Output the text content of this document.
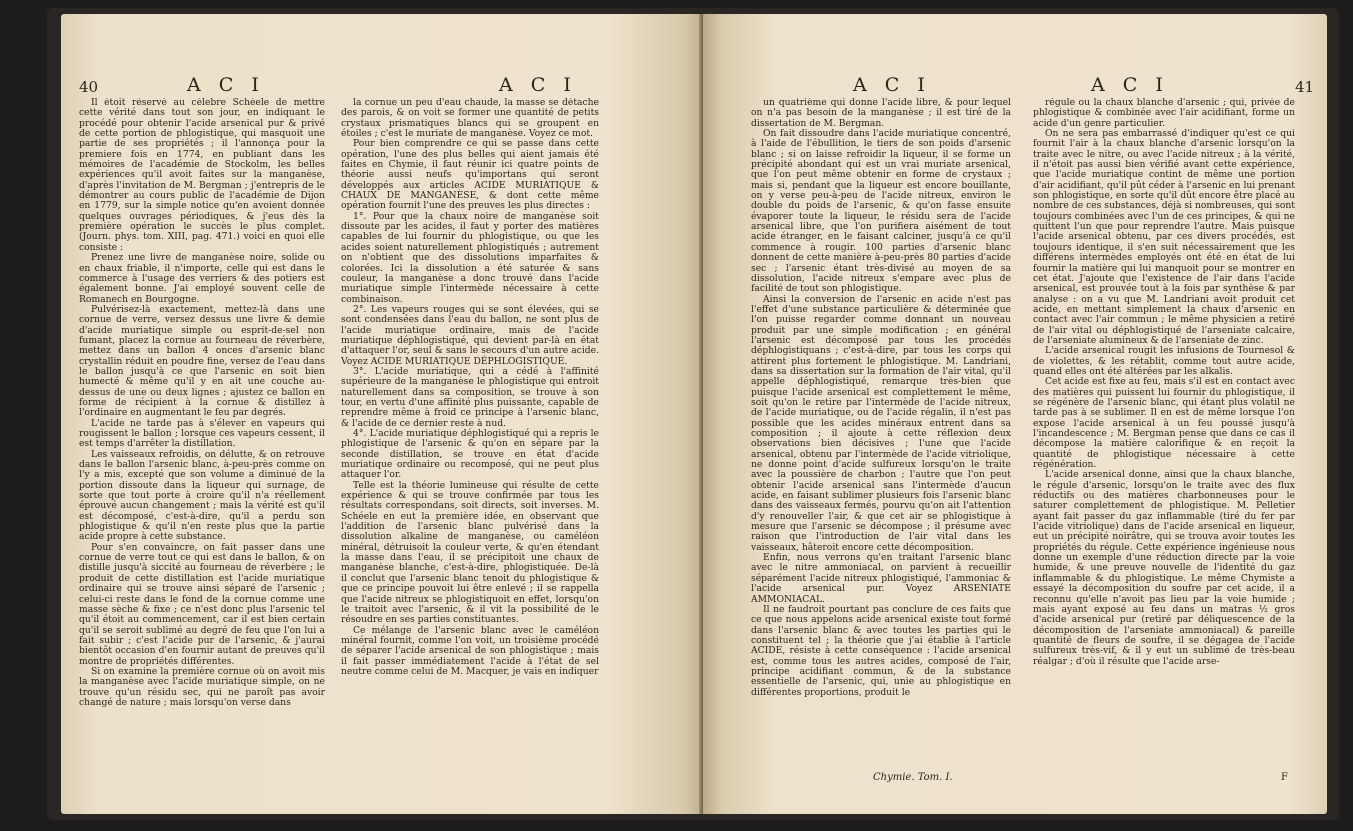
40	A C I	A C I

Il étoit réservé au célebre Schéele de mettre cette vérité dans tout son jour, en indiquant le procédé pour obtenir l'acide arsenical pur & privé de cette portion de phlogistique, qui masquoit une partie de ses propriétés ; il l'annonça pour la premiere fois en 1774, en publiant dans les mémoires de l'académie de Stockolm, les belles expériences qu'il avoit faites sur la manganèse, d'après l'invitation de M. Bergman ; j'entrepris de le démontrer au cours public de l'académie de Dijon en 1779, sur la simple notice qu'en avoient donnée quelques ouvrages périodiques, & j'eus dès la première opération le succès le plus complet. (Journ. phys. tom. XIII, pag. 471.) voici en quoi elle consiste :

Prenez une livre de manganèse noire, solide ou en chaux friable, il n'importe, celle qui est dans le commerce à l'usage des verriers & des potiers est également bonne. J'ai employé souvent celle de Romanech en Bourgogne.

Pulvérisez-là exactement, mettez-là dans une cornue de verre, versez dessus une livre & demie d'acide muriatique simple ou esprit-de-sel non fumant, placez la cornue au fourneau de réverbère, mettez dans un ballon 4 onces d'arsenic blanc crystallin réduit en poudre fine, versez de l'eau dans le ballon jusqu'à ce que l'arsenic en soit bien humecté & même qu'il y en ait une couche au-dessus de une ou deux lignes ; ajustez ce ballon en forme de récipient à la cornue & distillez à l'ordinaire en augmentant le feu par degrés.

L'acide ne tarde pas à s'élever en vapeurs qui rougissent le ballon ; lorsque ces vapeurs cessent, il est temps d'arrêter la distillation.

Les vaisseaux refroidis, on délutte, & on retrouve dans le ballon l'arsenic blanc, à-peu-près comme on l'y a mis, excepté que son volume a diminué de la portion dissoute dans la liqueur qui surnage, de sorte que tout porte à croire qu'il n'a réellement éprouvé aucun changement ; mais la vérité est qu'il est décomposé, c'est-à-dire, qu'il a perdu son phlogistique & qu'il n'en reste plus que la partie acide propre à cette substance.

Pour s'en convaincre, on fait passer dans une cornue de verre tout ce qui est dans le ballon, & on distille jusqu'à siccité au fourneau de réverbère ; le produit de cette distillation est l'acide muriatique ordinaire qui se trouve ainsi séparé de l'arsenic ; celui-ci reste dans le fond de la cornue comme une masse sèche & fixe ; ce n'est donc plus l'arsenic tel qu'il étoit au commencement, car il est bien certain qu'il se seroit sublimé au degré de feu que l'on lui a fait subir ; c'est l'acide pur de l'arsenic, & j'aurai bientôt occasion d'en fournir autant de preuves qu'il montre de propriétés différentes.

Si on examine la première cornue où on avoit mis la manganèse avec l'acide muriatique simple, on ne trouve qu'un résidu sec, qui ne paroît pas avoir changé de nature ; mais lorsqu'on verse dans

la cornue un peu d'eau chaude, la masse se détache des parois, & on voit se former une quantité de petits crystaux prismatiques blancs qui se groupent en étoiles ; c'est le muriate de manganèse. Voyez ce mot.

Pour bien comprendre ce qui se passe dans cette opération, l'une des plus belles qui aient jamais été faites en Chymie, il faut réunir ici quatre points de théorie aussi neufs qu'importans qui seront développés aux articles ACIDE MURIATIQUE & CHAUX DE MANGANÈSE, & dont cette même opération fournit l'une des preuves les plus directes :

1°. Pour que la chaux noire de manganèse soit dissoute par les acides, il faut y porter des matières capables de lui fournir du phlogistique, ou que les acides soient naturellement phlogistiqués ; autrement on n'obtient que des dissolutions imparfaites & colorées. Ici la dissolution a été saturée & sans couleur, la manganèse a donc trouvé dans l'acide muriatique simple l'intermède nécessaire à cette combinaison.

2°. Les vapeurs rouges qui se sont élevées, qui se sont condensées dans l'eau du ballon, ne sont plus de l'acide muriatique ordinaire, mais de l'acide muriatique déphlogistiqué, qui devient par-là en état d'attaquer l'or, seul & sans le secours d'un autre acide. Voyez ACIDE MURIATIQUE DÉPHLOGISTIQUÉ.

3°. L'acide muriatique, qui a cédé à l'affinité supérieure de la manganèse le phlogistique qui entroit naturellement dans sa composition, se trouve à son tour, en vertu d'une affinité plus puissante, capable de reprendre même à froid ce principe à l'arsenic blanc, & l'acide de ce dernier reste à nud.

4°. L'acide muriatique déphlogistiqué qui a repris le phlogistique de l'arsenic & qu'on en sépare par la seconde distillation, se trouve en état d'acide muriatique ordinaire ou recomposé, qui ne peut plus attaquer l'or.

Telle est la théorie lumineuse qui résulte de cette expérience & qui se trouve confirmée par tous les résultats correspondans, soit directs, soit inverses. M. Schéele en eut la première idée, en observant que l'addition de l'arsenic blanc pulvérisé dans la dissolution alkaline de manganèse, ou caméléon minéral, détruisoit la couleur verte, & qu'en étendant la masse dans l'eau, il se précipitoit une chaux de manganèse blanche, c'est-à-dire, phlogistiquée. De-là il conclut que l'arsenic blanc tenoit du phlogistique & que ce principe pouvoit lui être enlevé ; il se rappella que l'acide nitreux se phlogistiquoit en effet, lorsqu'on le traitoit avec l'arsenic, & il vit la possibilité de le résoudre en ses parties constituantes.

Ce mélange de l'arsenic blanc avec le caméléon minéral fournit, comme l'on voit, un troisième procédé de séparer l'acide arsenical de son phlogistique ; mais il fait passer immédiatement l'acide à l'état de sel neutre comme celui de M. Macquer, je vais en indiquer

A C I	A C I	41

un quatrième qui donne l'acide libre, & pour lequel on n'a pas besoin de la manganèse ; il est tiré de la dissertation de M. Bergman.

On fait dissoudre dans l'acide muriatique concentré, à l'aide de l'ébullition, le tiers de son poids d'arsenic blanc ; si on laisse refroidir la liqueur, il se forme un précipité abondant qui est un vrai muriate arsenical, que l'on peut même obtenir en forme de crystaux ; mais si, pendant que la liqueur est encore bouillante, on y verse peu-à-peu de l'acide nitreux, environ le double du poids de l'arsenic, & qu'on fasse ensuite évaporer toute la liqueur, le résidu sera de l'acide arsenical libre, que l'on purifiera aisément de tout acide étranger, en le faisant calciner, jusqu'à ce qu'il commence à rougir. 100 parties d'arsenic blanc donnent de cette manière à-peu-près 80 parties d'acide sec ; l'arsenic étant très-divisé au moyen de sa dissolution, l'acide nitreux s'empare avec plus de facilité de tout son phlogistique.

Ainsi la conversion de l'arsenic en acide n'est pas l'effet d'une substance particulière & déterminée que l'on puisse regarder comme donnant un nouveau produit par une simple modification ; en général l'arsenic est décomposé par tous les procédés déphlogistiquans ; c'est-à-dire, par tous les corps qui attirent plus fortement le phlogistique. M. Landriani, dans sa dissertation sur la formation de l'air vital, qu'il appelle déphlogistiqué, remarque très-bien que puisque l'acide arsenical est complettement le même, soit qu'on le retire par l'intermède de l'acide nitreux, de l'acide muriatique, ou de l'acide régalin, il n'est pas possible que les acides minéraux entrent dans sa composition ; il ajoute à cette réflexion deux observations bien décisives ; l'une que l'acide arsenical, obtenu par l'intermède de l'acide vitriolique, ne donne point d'acide sulfureux lorsqu'on le traite avec la poussière de charbon ; l'autre que l'on peut obtenir l'acide arsenical sans l'intermède d'aucun acide, en faisant sublimer plusieurs fois l'arsenic blanc dans des vaisseaux fermés, pourvu qu'on ait l'attention d'y renouveller l'air, & que cet air se phlogistique à mesure que l'arsenic se décompose ; il présume avec raison que l'introduction de l'air vital dans les vaisseaux, hâteroit encore cette décomposition.

Enfin, nous verrons qu'en traitant l'arsenic blanc avec le nitre ammoniacal, on parvient à recueillir séparément l'acide nitreux phlogistiqué, l'ammoniac & l'acide arsenical pur. Voyez ARSENIATE AMMONIACAL.

Il ne faudroit pourtant pas conclure de ces faits que ce que nous appelons acide arsenical existe tout formé dans l'arsenic blanc & avec toutes les parties qui le constituent tel ; la théorie que j'ai établie à l'article ACIDE, résiste à cette conséquence : l'acide arsenical est, comme tous les autres acides, composé de l'air, principe acidifiant commun, & de la substance essentielle de l'arsenic, qui, unie au phlogistique en différentes proportions, produit le

Chymie. Tom. I.

régule ou la chaux blanche d'arsenic ; qui, privée de phlogistique & combinée avec l'air acidifiant, forme un acide d'un genre particulier.

On ne sera pas embarrassé d'indiquer qu'est ce qui fournit l'air à la chaux blanche d'arsenic lorsqu'on la traite avec le nitre, ou avec l'acide nitreux ; à la vérité, il n'étoit pas aussi bien vérifié avant cette expérience, que l'acide muriatique contint de même une portion d'air acidifiant, qu'il pût céder à l'arsenic en lui prenant son phlogistique, en sorte qu'il dût encore être placé au nombre de ces substances, déjà si nombreuses, qui sont toujours combinées avec l'un de ces principes, & qui ne quittent l'un que pour reprendre l'autre. Mais puisque l'acide arsenical obtenu, par ces divers procédés, est toujours identique, il s'en suit nécessairement que les différens intermèdes employés ont été en état de lui fournir la matière qui lui manquoit pour se montrer en cet état. J'ajoute que l'existence de l'air dans l'acide arsenical, est prouvée tout à la fois par synthèse & par analyse : on a vu que M. Landriani avoit produit cet acide, en mettant simplement la chaux d'arsenic en contact avec l'air commun ; le même physicien a retiré de l'air vital ou déphlogistiqué de l'arseniate calcaire, de l'arseniate alumineux & de l'arseniate de zinc.

L'acide arsenical rougit les infusions de Tournesol & de violettes, & les rétablit, comme tout autre acide, quand elles ont été altérées par les alkalis.

Cet acide est fixe au feu, mais s'il est en contact avec des matières qui puissent lui fournir du phlogistique, il se régénère de l'arsenic blanc, qui étant plus volatil ne tarde pas à se sublimer. Il en est de même lorsque l'on expose l'acide arsenical à un feu poussé jusqu'à l'incandescence ; M. Bergman pense que dans ce cas il décompose la matière calorifique & en reçoit la quantité de phlogistique nécessaire à cette régénération.

L'acide arsenical donne, ainsi que la chaux blanche, le régule d'arsenic, lorsqu'on le traite avec des flux réductifs ou des matières charbonneuses pour le saturer complettement de phlogistique. M. Pelletier ayant fait passer du gaz inflammable (tiré du fer par l'acide vitriolique) dans de l'acide arsenical en liqueur, eut un précipité noirâtre, qui se trouva avoir toutes les propriétés du régule. Cette expérience ingénieuse nous donne un exemple d'une réduction directe par la voie humide, & une preuve nouvelle de l'identité du gaz inflammable & du phlogistique. Le même Chymiste a essayé la décomposition du soufre par cet acide, il a reconnu qu'elle n'avoit pas lieu par la voie humide ; mais ayant exposé au feu dans un matras ½ gros d'acide arsenical pur (retiré par déliquescence de la décomposition de l'arseniate ammoniacal) & pareille quantité de fleurs de soufre, il se dégagea de l'acide sulfureux très-vif, & il y eut un sublimé de très-beau réalgar ; d'où il résulte que l'acide arse-

F
